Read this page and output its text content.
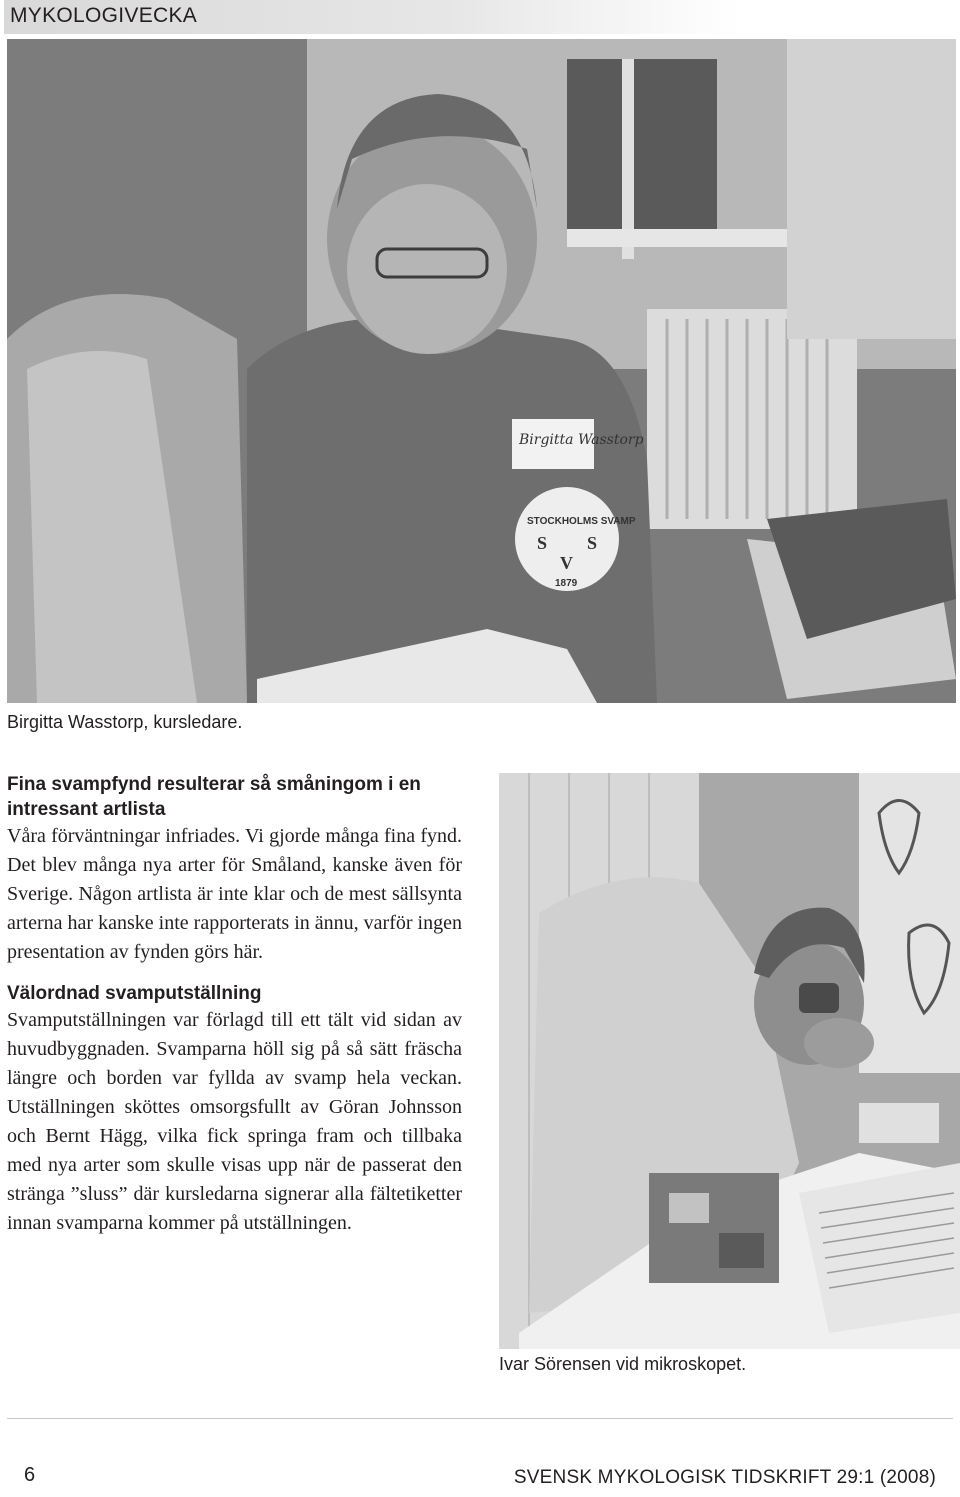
MYKOLOGIVECKA
Birgitta Wasstorp
STOCKHOLMS SVAMP
S S
V
1879
Birgitta Wasstorp, kursledare.
Fina svampfynd resulterar så småningom i en intressant artlista

Våra förväntningar infriades. Vi gjorde många fina fynd. Det blev många nya arter för Småland, kanske även för Sverige. Någon artlista är inte klar och de mest sällsynta arterna har kanske inte rapporterats in ännu, varför ingen presentation av fynden görs här.

Välordnad svamputställning

Svamputställningen var förlagd till ett tält vid sidan av huvudbyggnaden. Svamparna höll sig på så sätt fräscha längre och borden var fyllda av svamp hela veckan. Utställningen sköttes omsorgsfullt av Göran Johnsson och Bernt Hägg, vilka fick springa fram och tillbaka med nya arter som skulle visas upp när de passerat den stränga ”sluss” där kursledarna signerar alla fältetiketter innan svamparna kommer på utställningen.

Ivar Sörensen vid mikroskopet.
6	SVENSK MYKOLOGISK TIDSKRIFT 29:1 (2008)
